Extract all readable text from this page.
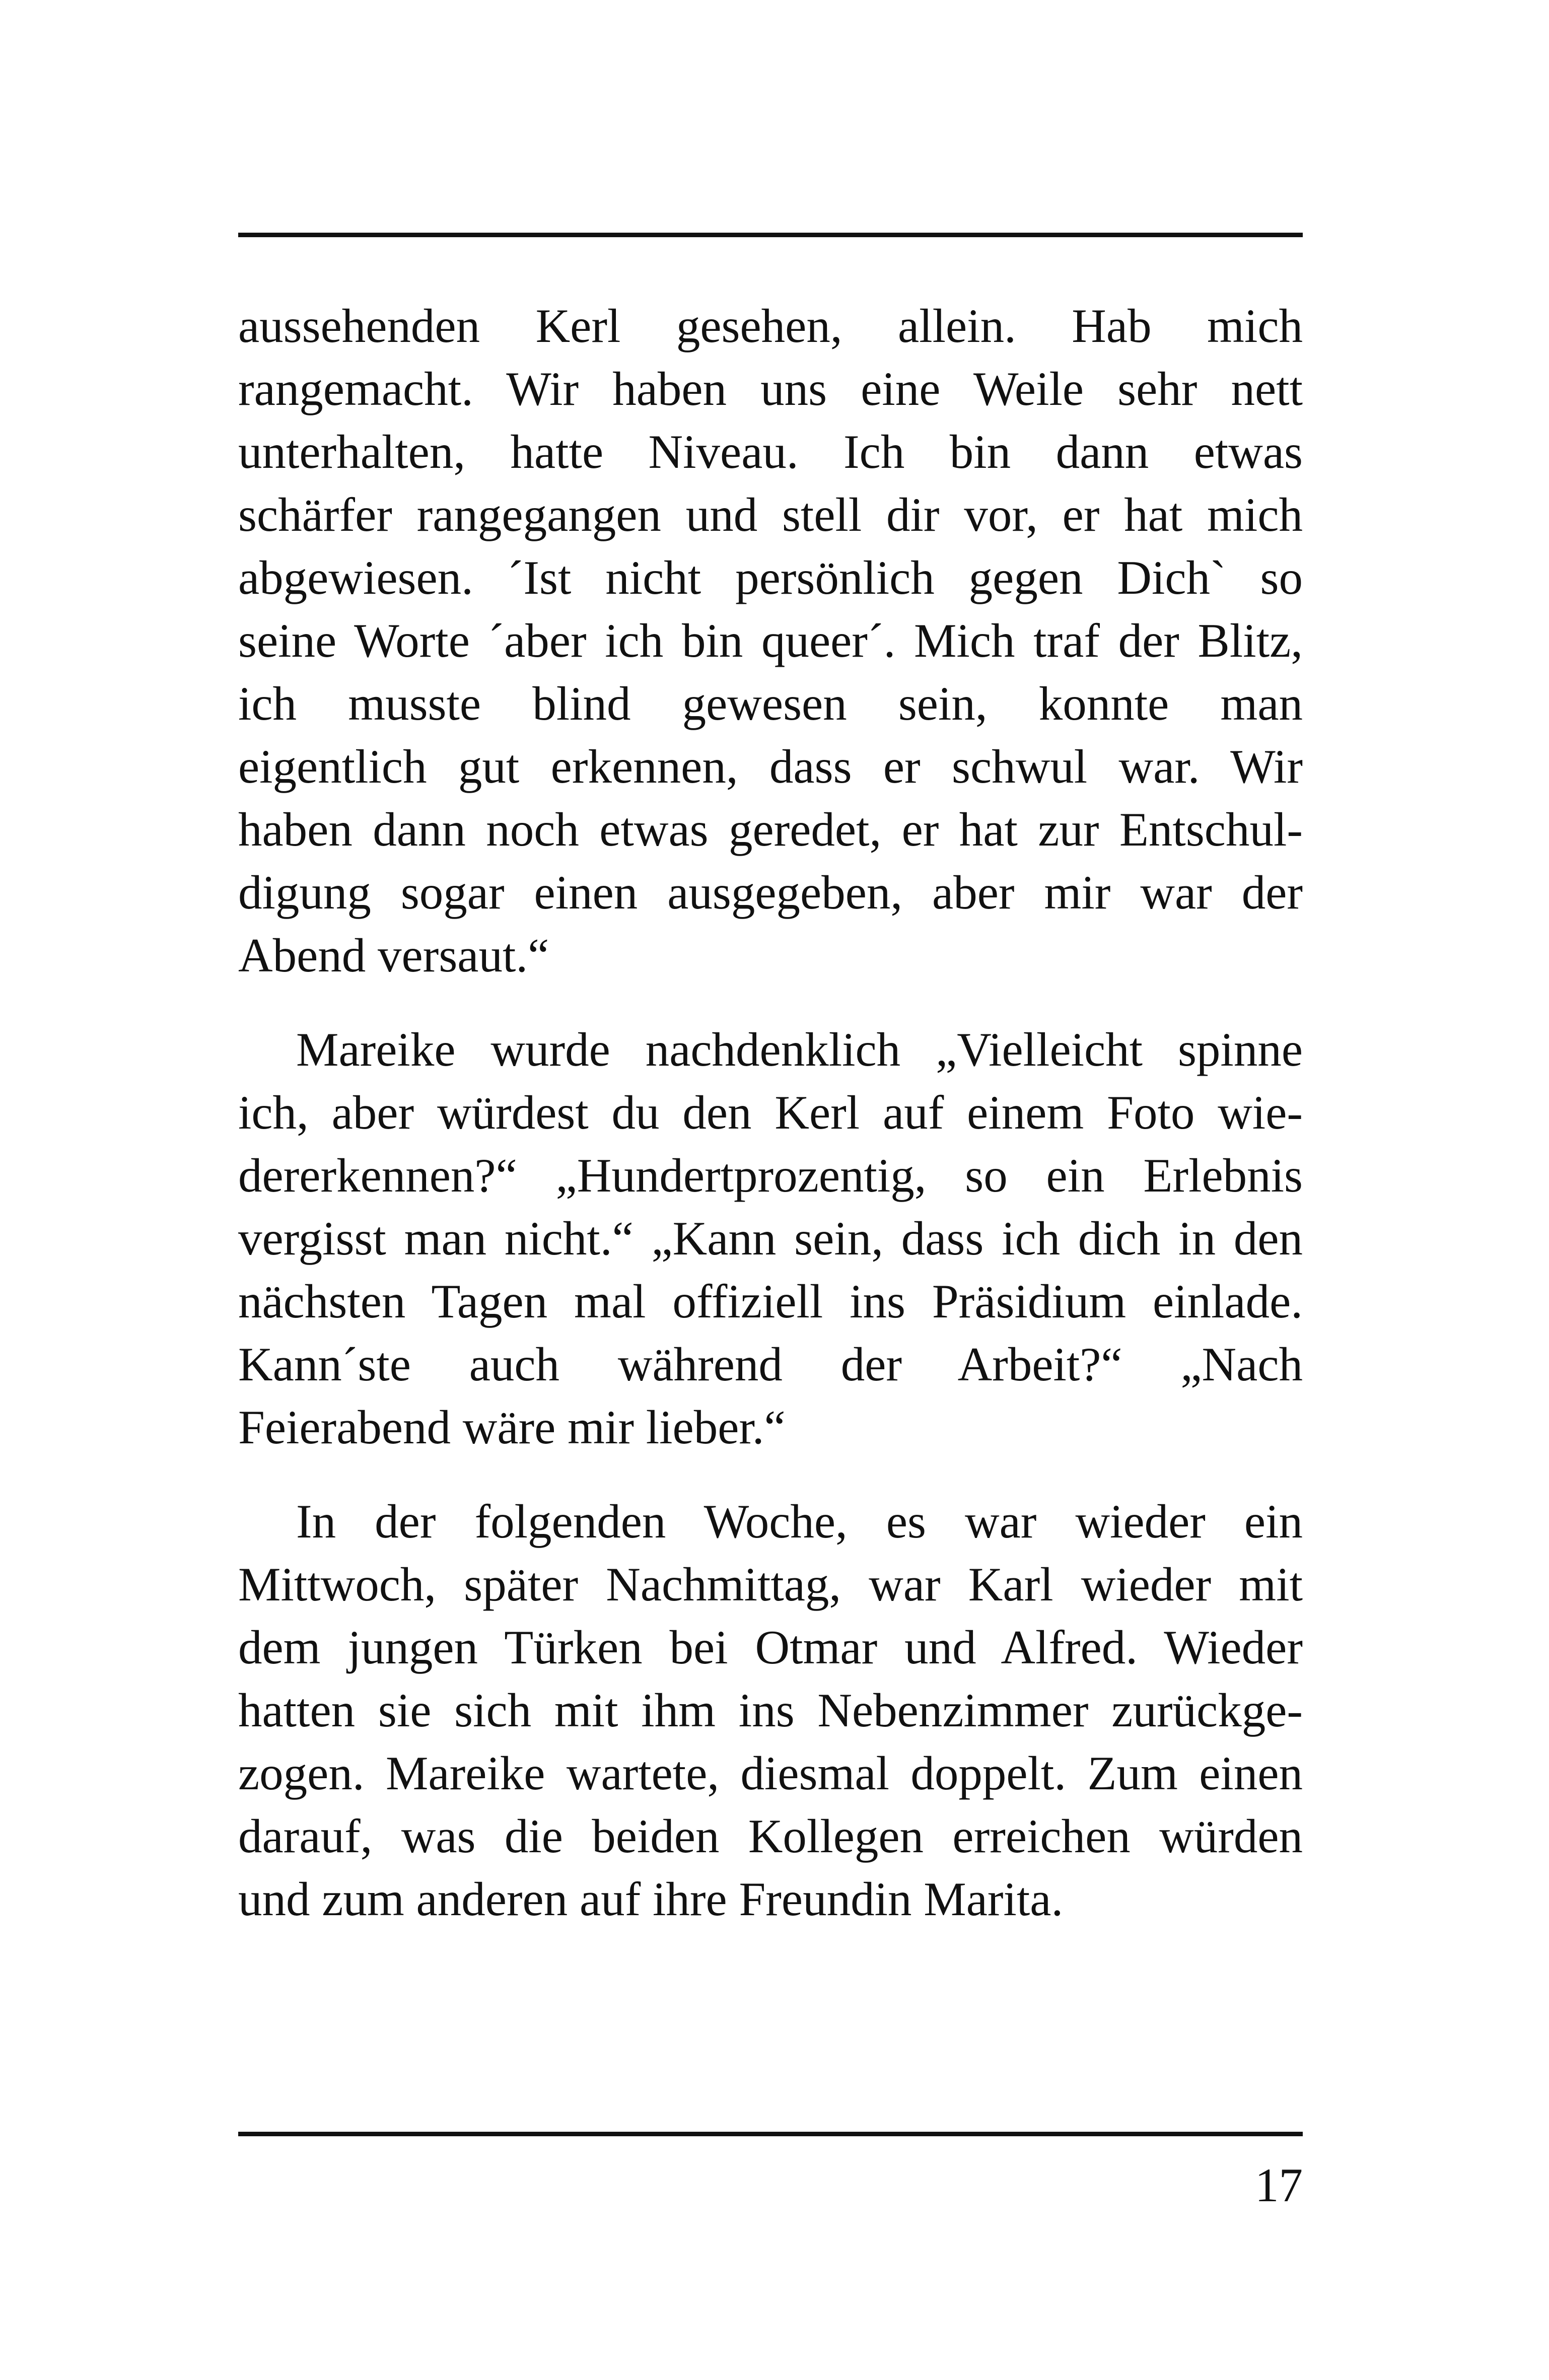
aussehenden Kerl gesehen, allein. Hab mich
rangemacht. Wir haben uns eine Weile sehr nett
unterhalten, hatte Niveau. Ich bin dann etwas
schärfer rangegangen und stell dir vor, er hat mich
abgewiesen. ´Ist nicht persönlich gegen Dich` so
seine Worte ´aber ich bin queer´. Mich traf der Blitz,
ich musste blind gewesen sein, konnte man
eigentlich gut erkennen, dass er schwul war. Wir
haben dann noch etwas geredet, er hat zur Entschul-
digung sogar einen ausgegeben, aber mir war der
Abend versaut.“
Mareike wurde nachdenklich „Vielleicht spinne
ich, aber würdest du den Kerl auf einem Foto wie-
dererkennen?“ „Hundertprozentig, so ein Erlebnis
vergisst man nicht.“ „Kann sein, dass ich dich in den
nächsten Tagen mal offiziell ins Präsidium einlade.
Kann´ste auch während der Arbeit?“ „Nach
Feierabend wäre mir lieber.“
In der folgenden Woche, es war wieder ein
Mittwoch, später Nachmittag, war Karl wieder mit
dem jungen Türken bei Otmar und Alfred. Wieder
hatten sie sich mit ihm ins Nebenzimmer zurückge-
zogen. Mareike wartete, diesmal doppelt. Zum einen
darauf, was die beiden Kollegen erreichen würden
und zum anderen auf ihre Freundin Marita.
17
